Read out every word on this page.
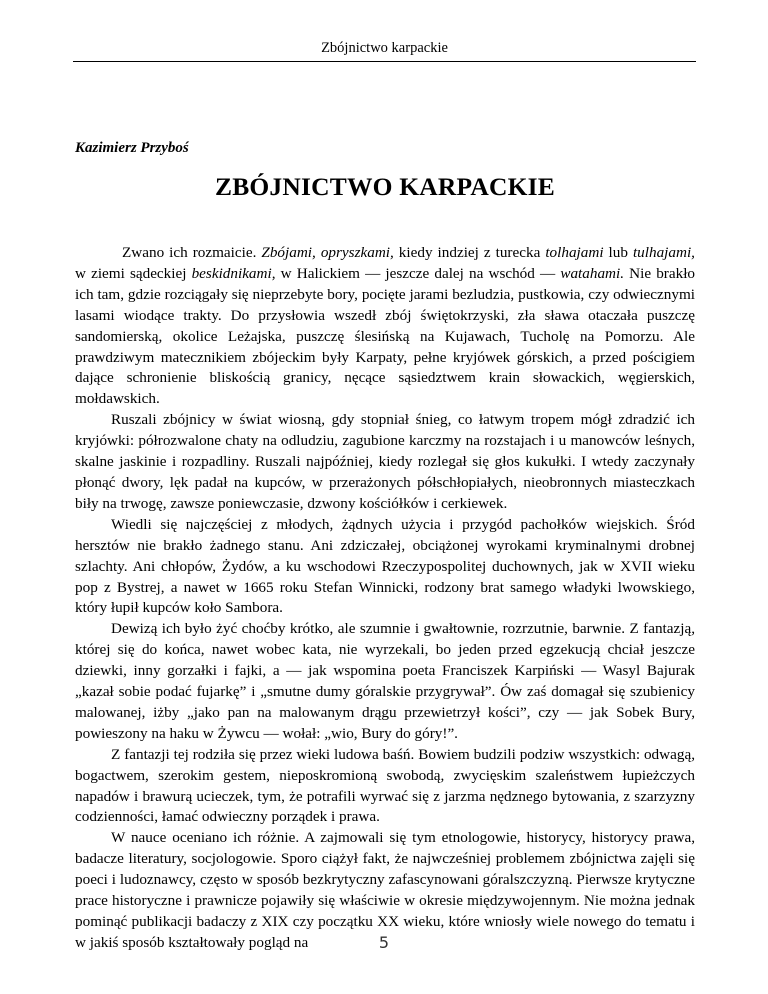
Zbójnictwo karpackie
Kazimierz Przyboś
ZBÓJNICTWO KARPACKIE

Zwano ich rozmaicie. Zbójami, opryszkami, kiedy indziej z turecka tolhajami lub tulhajami, w ziemi sądeckiej beskidnikami, w Halickiem — jeszcze dalej na wschód — watahami. Nie brakło ich tam, gdzie rozciągały się nieprzebyte bory, pocięte jarami bezludzia, pustkowia, czy odwiecznymi lasami wiodące trakty. Do przysłowia wszedł zbój świętokrzyski, zła sława otaczała puszczę sandomierską, okolice Leżajska, puszczę ślesińską na Kujawach, Tucholę na Pomorzu. Ale prawdziwym matecznikiem zbójeckim były Karpaty, pełne kryjówek górskich, a przed pościgiem dające schronienie bliskością granicy, nęcące sąsiedztwem krain słowackich, węgierskich, mołdawskich.

Ruszali zbójnicy w świat wiosną, gdy stopniał śnieg, co łatwym tropem mógł zdradzić ich kryjówki: półrozwalone chaty na odludziu, zagubione karczmy na rozstajach i u manowców leśnych, skalne jaskinie i rozpadliny. Ruszali najpóźniej, kiedy rozlegał się głos kukułki. I wtedy zaczynały płonąć dwory, lęk padał na kupców, w przerażonych półschłopiałych, nieobronnych miasteczkach biły na trwogę, zawsze poniewczasie, dzwony kościółków i cerkiewek.

Wiedli się najczęściej z młodych, żądnych użycia i przygód pachołków wiejskich. Śród hersztów nie brakło żadnego stanu. Ani zdziczałej, obciążonej wyrokami kryminalnymi drobnej szlachty. Ani chłopów, Żydów, a ku wschodowi Rzeczypospolitej duchownych, jak w XVII wieku pop z Bystrej, a nawet w 1665 roku Stefan Winnicki, rodzony brat samego władyki lwowskiego, który łupił kupców koło Sambora.

Dewizą ich było żyć choćby krótko, ale szumnie i gwałtownie, rozrzutnie, barwnie. Z fantazją, której się do końca, nawet wobec kata, nie wyrzekali, bo jeden przed egzekucją chciał jeszcze dziewki, inny gorzałki i fajki, a — jak wspomina poeta Franciszek Karpiński — Wasyl Bajurak „kazał sobie podać fujarkę” i „smutne dumy góralskie przygrywał”. Ów zaś domagał się szubienicy malowanej, iżby „jako pan na malowanym drągu przewietrzył kości”, czy — jak Sobek Bury, powieszony na haku w Żywcu — wołał: „wio, Bury do góry!”.

Z fantazji tej rodziła się przez wieki ludowa baśń. Bowiem budzili podziw wszystkich: odwagą, bogactwem, szerokim gestem, nieposkromioną swobodą, zwycięskim szaleństwem łupieżczych napadów i brawurą ucieczek, tym, że potrafili wyrwać się z jarzma nędznego bytowania, z szarzyzny codzienności, łamać odwieczny porządek i prawa.

W nauce oceniano ich różnie. A zajmowali się tym etnologowie, historycy, historycy prawa, badacze literatury, socjologowie. Sporo ciążył fakt, że najwcześniej problemem zbójnictwa zajęli się poeci i ludoznawcy, często w sposób bezkrytyczny zafascynowani góralszczyzną. Pierwsze krytyczne prace historyczne i prawnicze pojawiły się właściwie w okresie międzywojennym. Nie można jednak pominąć publikacji badaczy z XIX czy początku XX wieku, które wniosły wiele nowego do tematu i w jakiś sposób kształtowały pogląd na	5
